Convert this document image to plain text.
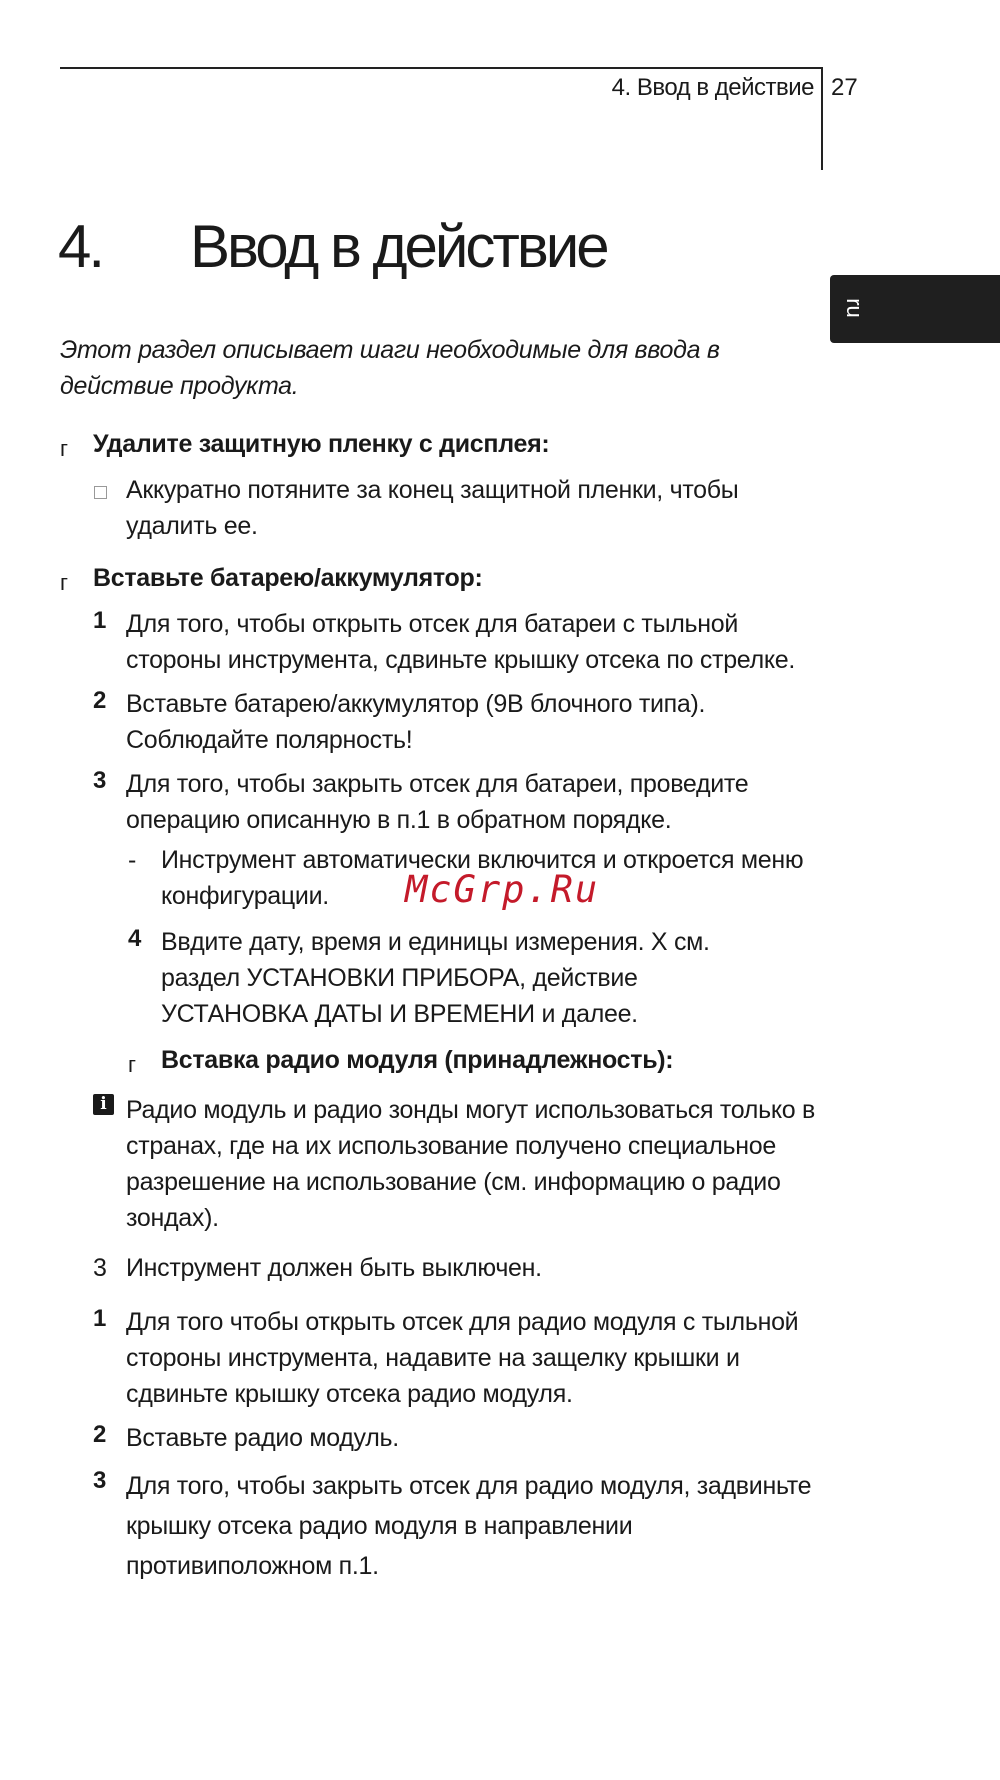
4. Ввод в действие 27
ru
4. Ввод в действие
Этот раздел описывает шаги необходимые для ввода в действие продукта.
г Удалите защитную пленку с дисплея:
Аккуратно потяните за конец защитной пленки, чтобы удалить ее.
г Вставьте батарею/аккумулятор:
1 Для того, чтобы открыть отсек для батареи с тыльной стороны инструмента, сдвиньте крышку отсека по стрелке.
2 Вставьте батарею/аккумулятор (9В блочного типа). Соблюдайте полярность!
3 Для того, чтобы закрыть отсек для батареи, проведите операцию описанную в п.1 в обратном порядке.
- Инструмент автоматически включится и откроется меню конфигурации.
4 Ввдите дату, время и единицы измерения. Х см. раздел УСТАНОВКИ ПРИБОРА, действие УСТАНОВКА ДАТЫ И ВРЕМЕНИ и далее.
г Вставка радио модуля (принадлежность):
i Радио модуль и радио зонды могут использоваться только в странах, где на их использование получено специальное разрешение на использование (см. информацию о радио зондах).
3 Инструмент должен быть выключен.
1 Для того чтобы открыть отсек для радио модуля с тыльной стороны инструмента, надавите на защелку крышки и сдвиньте крышку отсека радио модуля.
2 Вставьте радио модуль.
3 Для того, чтобы закрыть отсек для радио модуля, задвиньте крышку отсека радио модуля в направлении противиположном п.1.
McGrp.Ru
